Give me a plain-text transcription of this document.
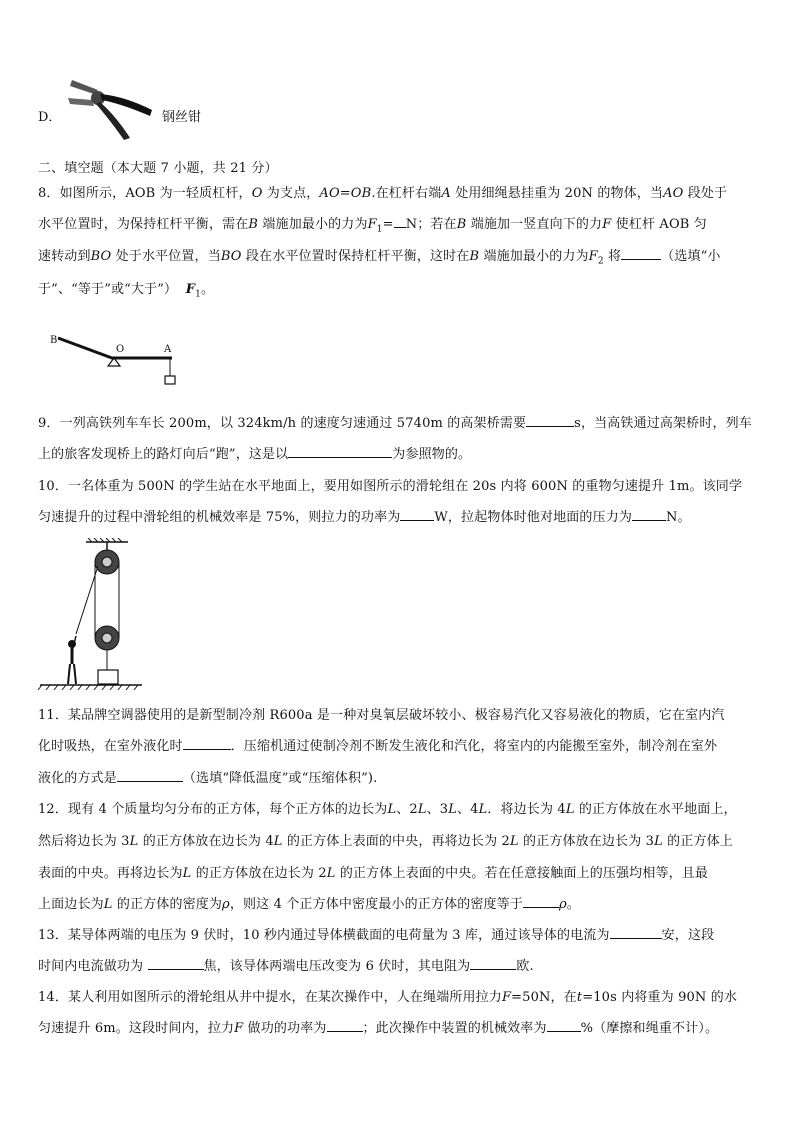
D．	钢丝钳
二、填空题（本大题 7 小题，共 21 分）
8．如图所示，AOB 为一轻质杠杆，O 为支点，AO=OB.在杠杆右端A 处用细绳悬挂重为 20N 的物体，当AO 段处于
水平位置时，为保持杠杆平衡，需在B 端施加最小的力为$F_1= N$；若在B 端施加一竖直向下的力F 使杠杆 AOB 匀
速转动到BO 处于水平位置，当BO 段在水平位置时保持杠杆平衡，这时在B 端施加最小的力为$F_2$ 将	（选填“小
于”、“等于”或“大于”） $F_1$。
B
O	A
9．一列高铁列车车长 200m，以 324km/h 的速度匀速通过 5740m 的高架桥需要	s，当高铁通过高架桥时，列车
上的旅客发现桥上的路灯向后“跑”，这是以	为参照物的。
10．一名体重为 500N 的学生站在水平地面上，要用如图所示的滑轮组在 20s 内将 600N 的重物匀速提升 1m。该同学
匀速提升的过程中滑轮组的机械效率是 75%，则拉力的功率为	W，拉起物体时他对地面的压力为	N。
11．某品牌空调器使用的是新型制冷剂 R600a 是一种对臭氧层破坏较小、极容易汽化又容易液化的物质，它在室内汽
化时吸热，在室外液化时	．压缩机通过使制冷剂不断发生液化和汽化，将室内的内能搬至室外，制冷剂在室外
液化的方式是	（选填“降低温度”或“压缩体积”).
12．现有 4 个质量均匀分布的正方体，每个正方体的边长为L、2L、3L、4L．将边长为 4L 的正方体放在水平地面上，
然后将边长为 3L 的正方体放在边长为 4L 的正方体上表面的中央，再将边长为 2L 的正方体放在边长为 3L 的正方体上
表面的中央。再将边长为L 的正方体放在边长为 2L 的正方体上表面的中央。若在任意接触面上的压强均相等，且最
上面边长为L 的正方体的密度为ρ，则这 4 个正方体中密度最小的正方体的密度等于	ρ。
13．某导体两端的电压为 9 伏时，10 秒内通过导体横截面的电荷量为 3 库，通过该导体的电流为	安，这段
时间内电流做功为	焦，该导体两端电压改变为 6 伏时，其电阻为	欧.
14．某人利用如图所示的滑轮组从井中提水，在某次操作中，人在绳端所用拉力F=50N，在t=10s 内将重为 90N 的水
匀速提升 6m。这段时间内，拉力F 做功的功率为	；此次操作中装置的机械效率为	%（摩擦和绳重不计）。
